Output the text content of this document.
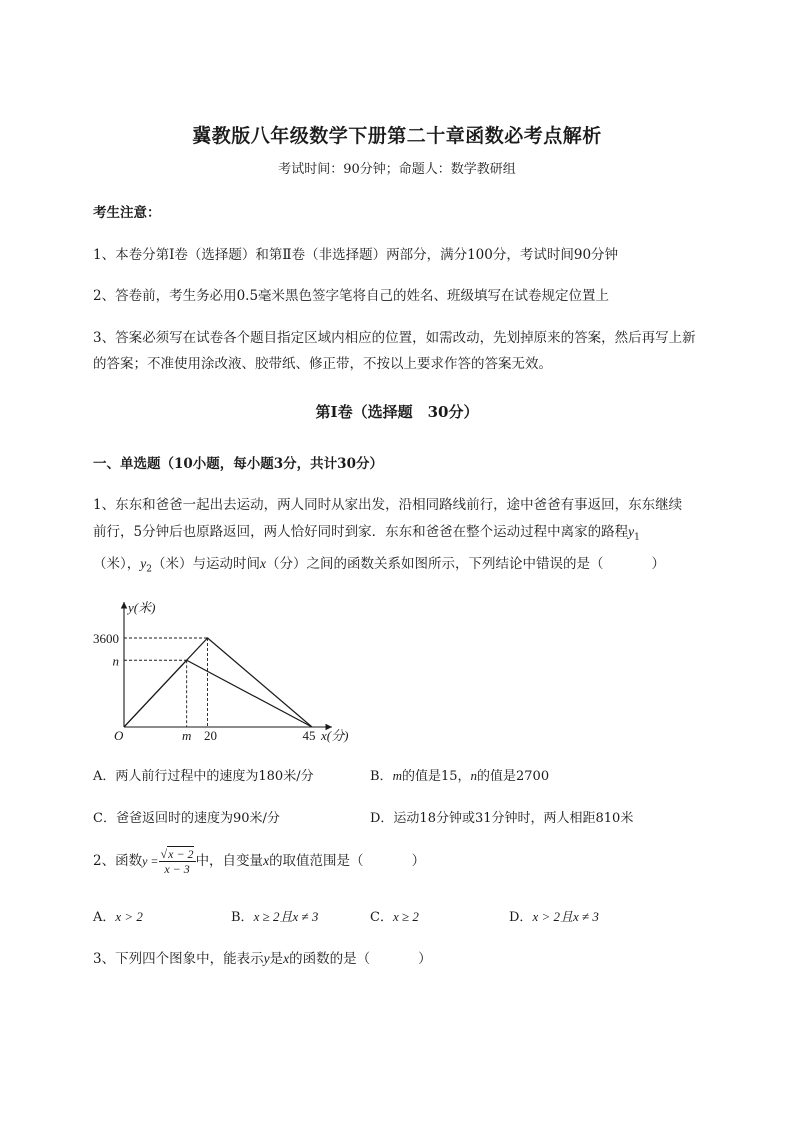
冀教版八年级数学下册第二十章函数必考点解析
考试时间：90分钟；命题人：数学教研组
考生注意：
1、本卷分第I卷（选择题）和第Ⅱ卷（非选择题）两部分，满分100分，考试时间90分钟
2、答卷前，考生务必用0.5毫米黑色签字笔将自己的姓名、班级填写在试卷规定位置上
3、答案必须写在试卷各个题目指定区域内相应的位置，如需改动，先划掉原来的答案，然后再写上新
的答案；不准使用涂改液、胶带纸、修正带，不按以上要求作答的答案无效。
第I卷（选择题　30分）
一、单选题（10小题，每小题3分，共计30分）
1、东东和爸爸一起出去运动，两人同时从家出发，沿相同路线前行，途中爸爸有事返回，东东继续
前行，5分钟后也原路返回，两人恰好同时到家．东东和爸爸在整个运动过程中离家的路程$y_1$
（米），$y_2$（米）与运动时间x（分）之间的函数关系如图所示，下列结论中错误的是（	）
y(米)
x(分)
O
3600
n
m 20	45
A．两人前行过程中的速度为180米/分	B．m的值是15，n的值是2700
C．爸爸返回时的速度为90米/分	D．运动18分钟或31分钟时，两人相距810米
2、函数$y = \frac{√x - 2}{x - 3}$ 中，自变量x的取值范围是（	）
A．x > 2	B．x ≥ 2且x ≠ 3	C．x ≥ 2	D．x > 2且x ≠ 3
3、下列四个图象中，能表示y是x的函数的是（	）
